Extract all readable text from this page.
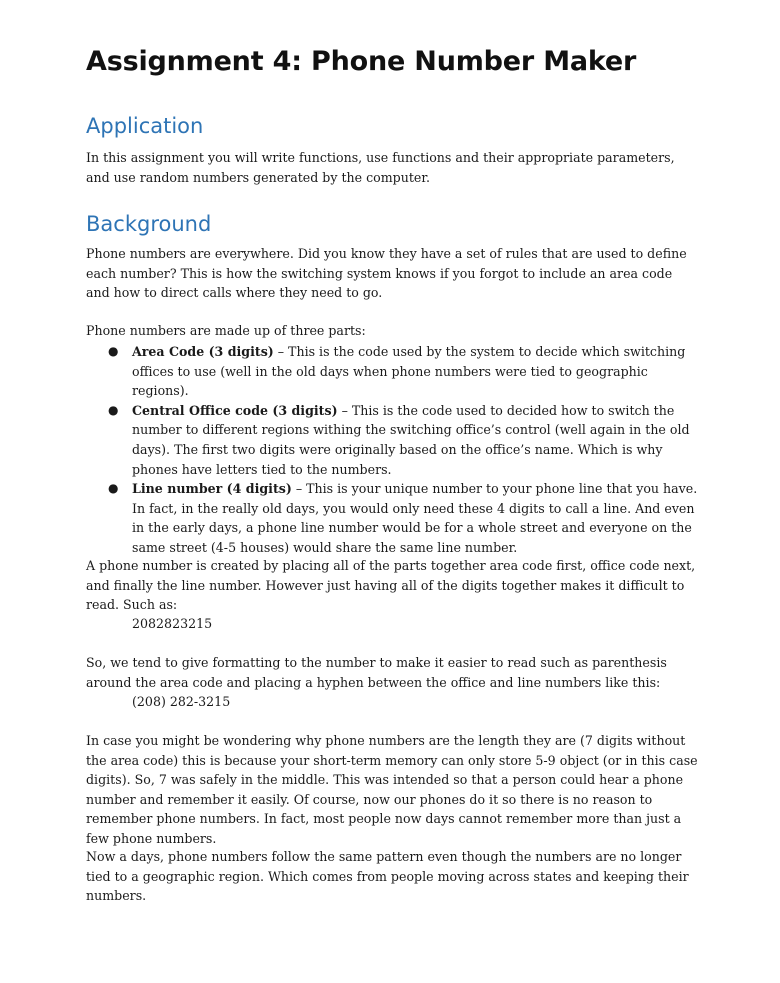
Assignment 4: Phone Number Maker
Application

In this assignment you will write functions, use functions and their appropriate parameters, and use random numbers generated by the computer.

Background

Phone numbers are everywhere. Did you know they have a set of rules that are used to define each number? This is how the switching system knows if you forgot to include an area code and how to direct calls where they need to go.

Phone numbers are made up of three parts:

● Area Code (3 digits) – This is the code used by the system to decide which switching offices to use (well in the old days when phone numbers were tied to geographic regions).
● Central Office code (3 digits) – This is the code used to decided how to switch the number to different regions withing the switching office’s control (well again in the old days). The first two digits were originally based on the office’s name. Which is why phones have letters tied to the numbers.
● Line number (4 digits) – This is your unique number to your phone line that you have. In fact, in the really old days, you would only need these 4 digits to call a line. And even in the early days, a phone line number would be for a whole street and everyone on the same street (4-5 houses) would share the same line number.

A phone number is created by placing all of the parts together area code first, office code next, and finally the line number. However just having all of the digits together makes it difficult to read. Such as:

2082823215

So, we tend to give formatting to the number to make it easier to read such as parenthesis around the area code and placing a hyphen between the office and line numbers like this:

(208) 282-3215

In case you might be wondering why phone numbers are the length they are (7 digits without the area code) this is because your short-term memory can only store 5-9 object (or in this case digits). So, 7 was safely in the middle. This was intended so that a person could hear a phone number and remember it easily. Of course, now our phones do it so there is no reason to remember phone numbers. In fact, most people now days cannot remember more than just a few phone numbers.

Now a days, phone numbers follow the same pattern even though the numbers are no longer tied to a geographic region. Which comes from people moving across states and keeping their numbers.
